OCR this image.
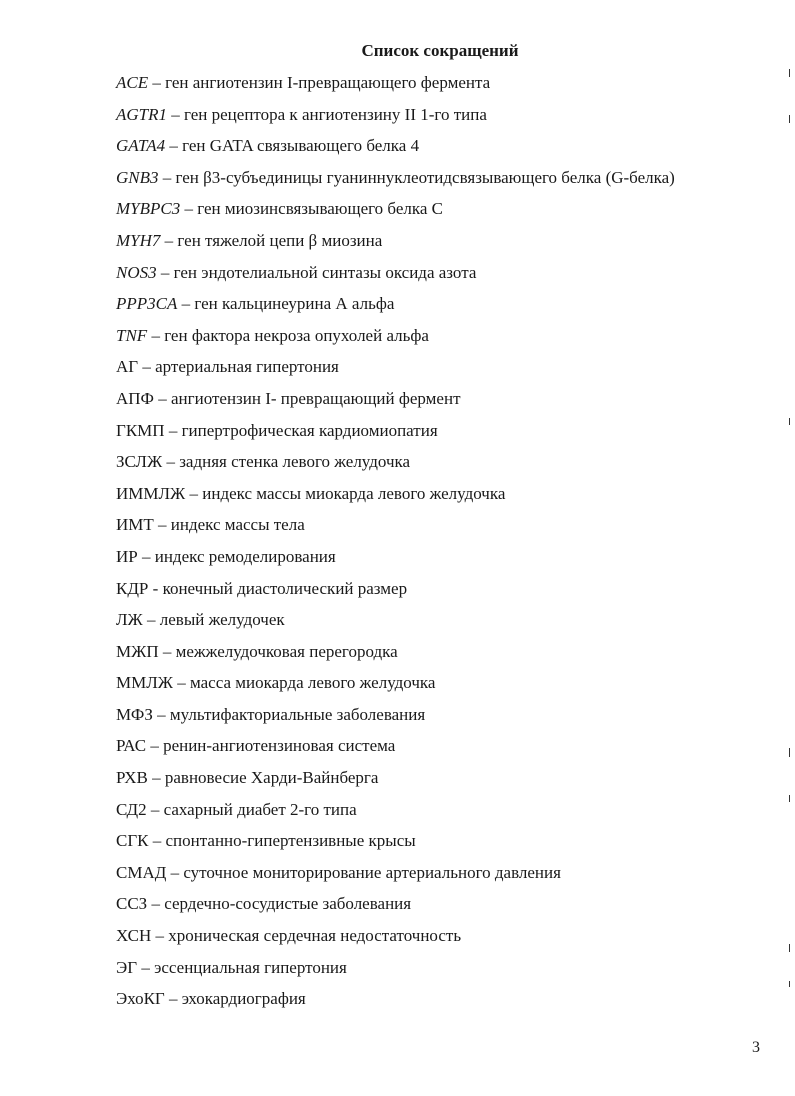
Список сокращений
ACE – ген ангиотензин I-превращающего фермента
AGTR1 – ген рецептора к ангиотензину II 1-го типа
GATA4 – ген GATA связывающего белка 4
GNB3 – ген β3-субъединицы гуаниннуклеотидсвязывающего белка (G-белка)
MYBPC3 – ген миозинсвязывающего белка С
MYH7 – ген тяжелой цепи β миозина
NOS3 – ген эндотелиальной синтазы оксида азота
PPP3CA – ген кальцинеурина А альфа
TNF – ген фактора некроза опухолей альфа
АГ – артериальная гипертония
АПФ – ангиотензин I- превращающий фермент
ГКМП – гипертрофическая кардиомиопатия
ЗСЛЖ – задняя стенка левого желудочка
ИММЛЖ – индекс массы миокарда левого желудочка
ИМТ – индекс массы тела
ИР – индекс ремоделирования
КДР - конечный диастолический размер
ЛЖ – левый желудочек
МЖП – межжелудочковая перегородка
ММЛЖ – масса миокарда левого желудочка
МФЗ – мультифакториальные заболевания
РАС – ренин-ангиотензиновая система
РХВ – равновесие Харди-Вайнберга
СД2 – сахарный диабет 2-го типа
СГК – спонтанно-гипертензивные крысы
СМАД – суточное мониторирование артериального давления
ССЗ – сердечно-сосудистые заболевания
ХСН – хроническая сердечная недостаточность
ЭГ – эссенциальная гипертония
ЭхоКГ – эхокардиография
3
